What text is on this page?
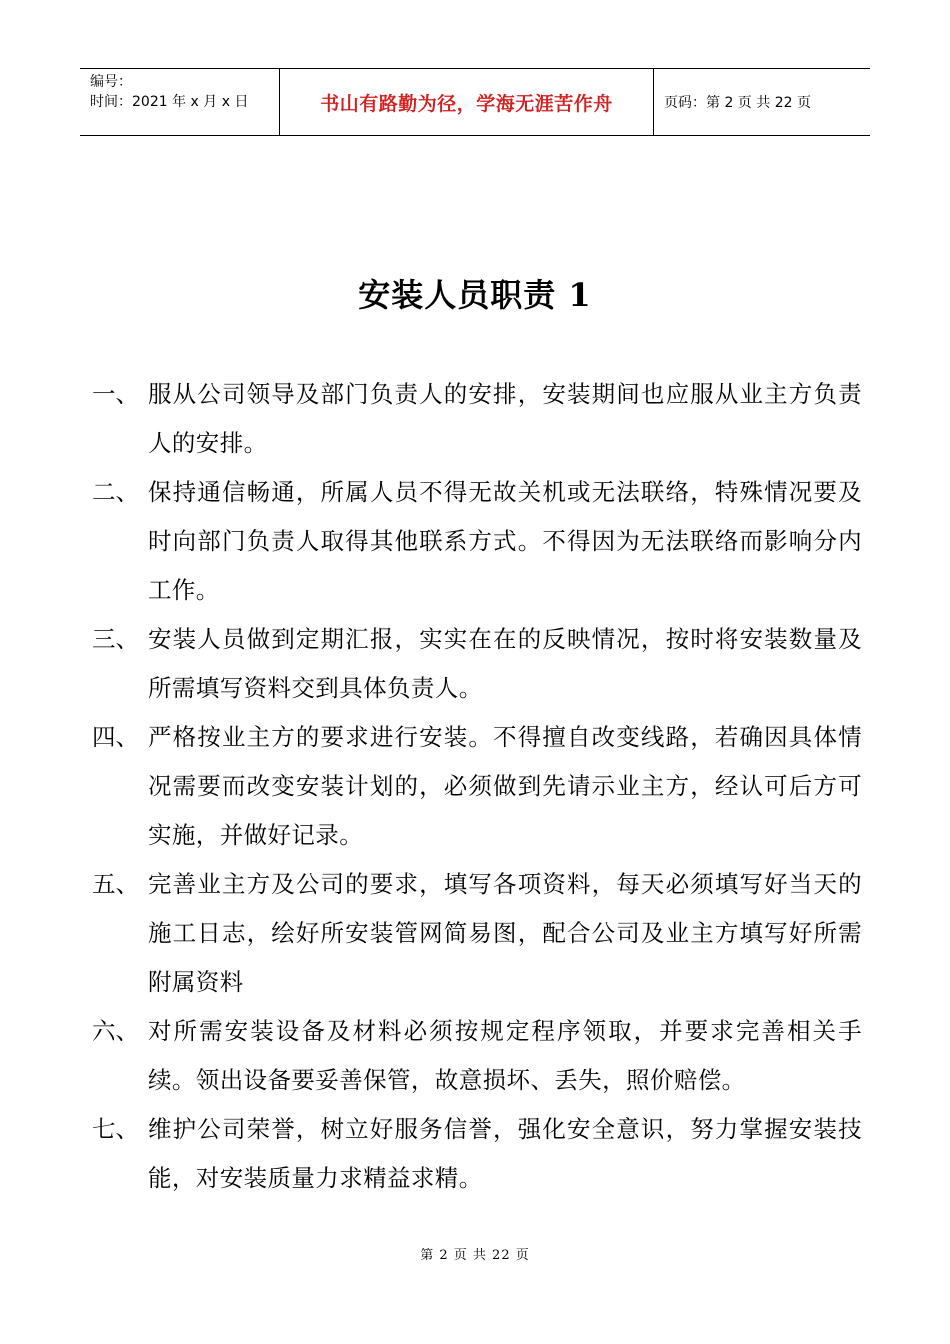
编号：
时间：2021 年 x 月 x 日	书山有路勤为径，学海无涯苦作舟	页码：第 2 页 共 22 页
安装人员职责 1
一、 服从公司领导及部门负责人的安排，安装期间也应服从业主方负责人的安排。
二、 保持通信畅通，所属人员不得无故关机或无法联络，特殊情况要及时向部门负责人取得其他联系方式。不得因为无法联络而影响分内工作。
三、 安装人员做到定期汇报，实实在在的反映情况，按时将安装数量及所需填写资料交到具体负责人。
四、 严格按业主方的要求进行安装。不得擅自改变线路，若确因具体情况需要而改变安装计划的，必须做到先请示业主方，经认可后方可实施，并做好记录。
五、 完善业主方及公司的要求，填写各项资料，每天必须填写好当天的施工日志，绘好所安装管网简易图，配合公司及业主方填写好所需附属资料
六、 对所需安装设备及材料必须按规定程序领取，并要求完善相关手续。领出设备要妥善保管，故意损坏、丢失，照价赔偿。
七、 维护公司荣誉，树立好服务信誉，强化安全意识，努力掌握安装技能，对安装质量力求精益求精。
第 2 页 共 22 页
